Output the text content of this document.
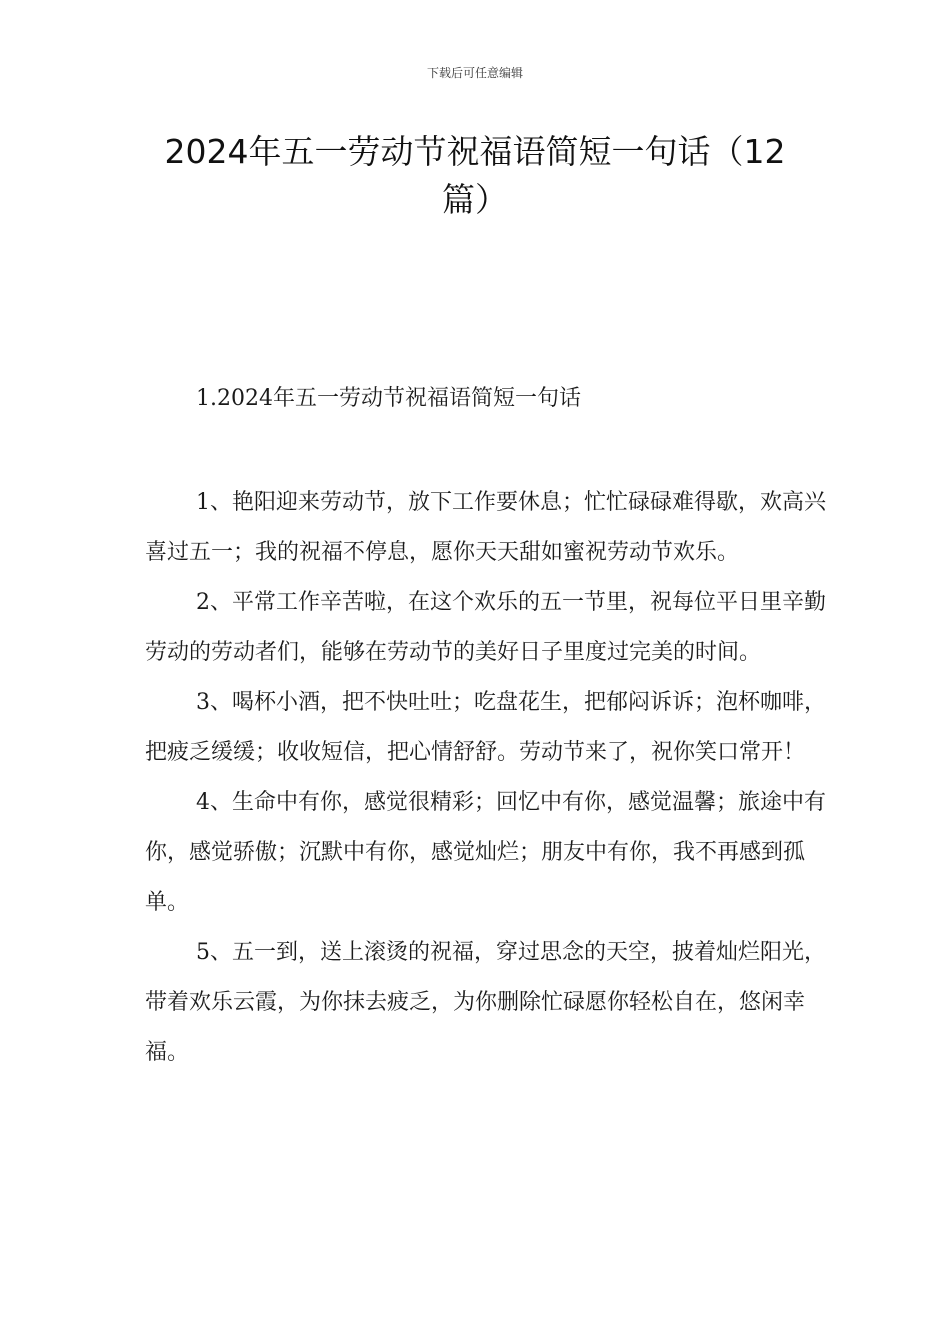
下载后可任意编辑
2024年五一劳动节祝福语简短一句话（12篇）
1.2024年五一劳动节祝福语简短一句话

1、艳阳迎来劳动节，放下工作要休息；忙忙碌碌难得歇，欢高兴喜过五一；我的祝福不停息，愿你天天甜如蜜祝劳动节欢乐。

2、平常工作辛苦啦，在这个欢乐的五一节里，祝每位平日里辛勤劳动的劳动者们，能够在劳动节的美好日子里度过完美的时间。

3、喝杯小酒，把不快吐吐；吃盘花生，把郁闷诉诉；泡杯咖啡，把疲乏缓缓；收收短信，把心情舒舒。劳动节来了，祝你笑口常开！

4、生命中有你，感觉很精彩；回忆中有你，感觉温馨；旅途中有你，感觉骄傲；沉默中有你，感觉灿烂；朋友中有你，我不再感到孤单。

5、五一到，送上滚烫的祝福，穿过思念的天空，披着灿烂阳光，带着欢乐云霞，为你抹去疲乏，为你删除忙碌愿你轻松自在，悠闲幸福。
